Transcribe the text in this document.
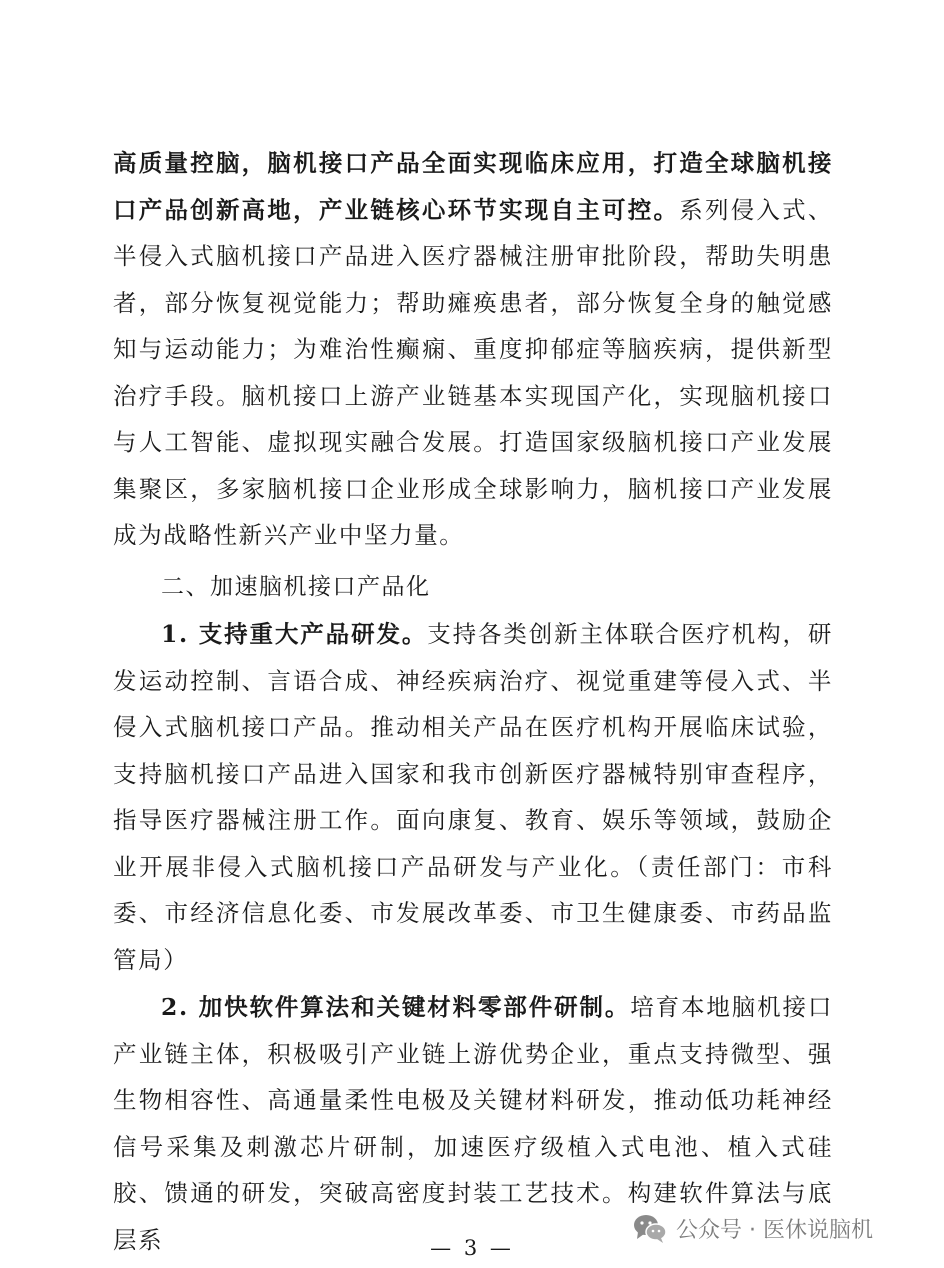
高质量控脑，脑机接口产品全面实现临床应用，打造全球脑机接口产品创新高地，产业链核心环节实现自主可控。系列侵入式、半侵入式脑机接口产品进入医疗器械注册审批阶段，帮助失明患者，部分恢复视觉能力；帮助瘫痪患者，部分恢复全身的触觉感知与运动能力；为难治性癫痫、重度抑郁症等脑疾病，提供新型治疗手段。脑机接口上游产业链基本实现国产化，实现脑机接口与人工智能、虚拟现实融合发展。打造国家级脑机接口产业发展集聚区，多家脑机接口企业形成全球影响力，脑机接口产业发展成为战略性新兴产业中坚力量。

二、加速脑机接口产品化

1. 支持重大产品研发。支持各类创新主体联合医疗机构，研发运动控制、言语合成、神经疾病治疗、视觉重建等侵入式、半侵入式脑机接口产品。推动相关产品在医疗机构开展临床试验，支持脑机接口产品进入国家和我市创新医疗器械特别审查程序，指导医疗器械注册工作。面向康复、教育、娱乐等领域，鼓励企业开展非侵入式脑机接口产品研发与产业化。（责任部门：市科委、市经济信息化委、市发展改革委、市卫生健康委、市药品监管局）

2. 加快软件算法和关键材料零部件研制。培育本地脑机接口产业链主体，积极吸引产业链上游优势企业，重点支持微型、强生物相容性、高通量柔性电极及关键材料研发，推动低功耗神经信号采集及刺激芯片研制，加速医疗级植入式电池、植入式硅胶、馈通的研发，突破高密度封装工艺技术。构建软件算法与底层系	公众号 · 医休说脑机
— 3 —
